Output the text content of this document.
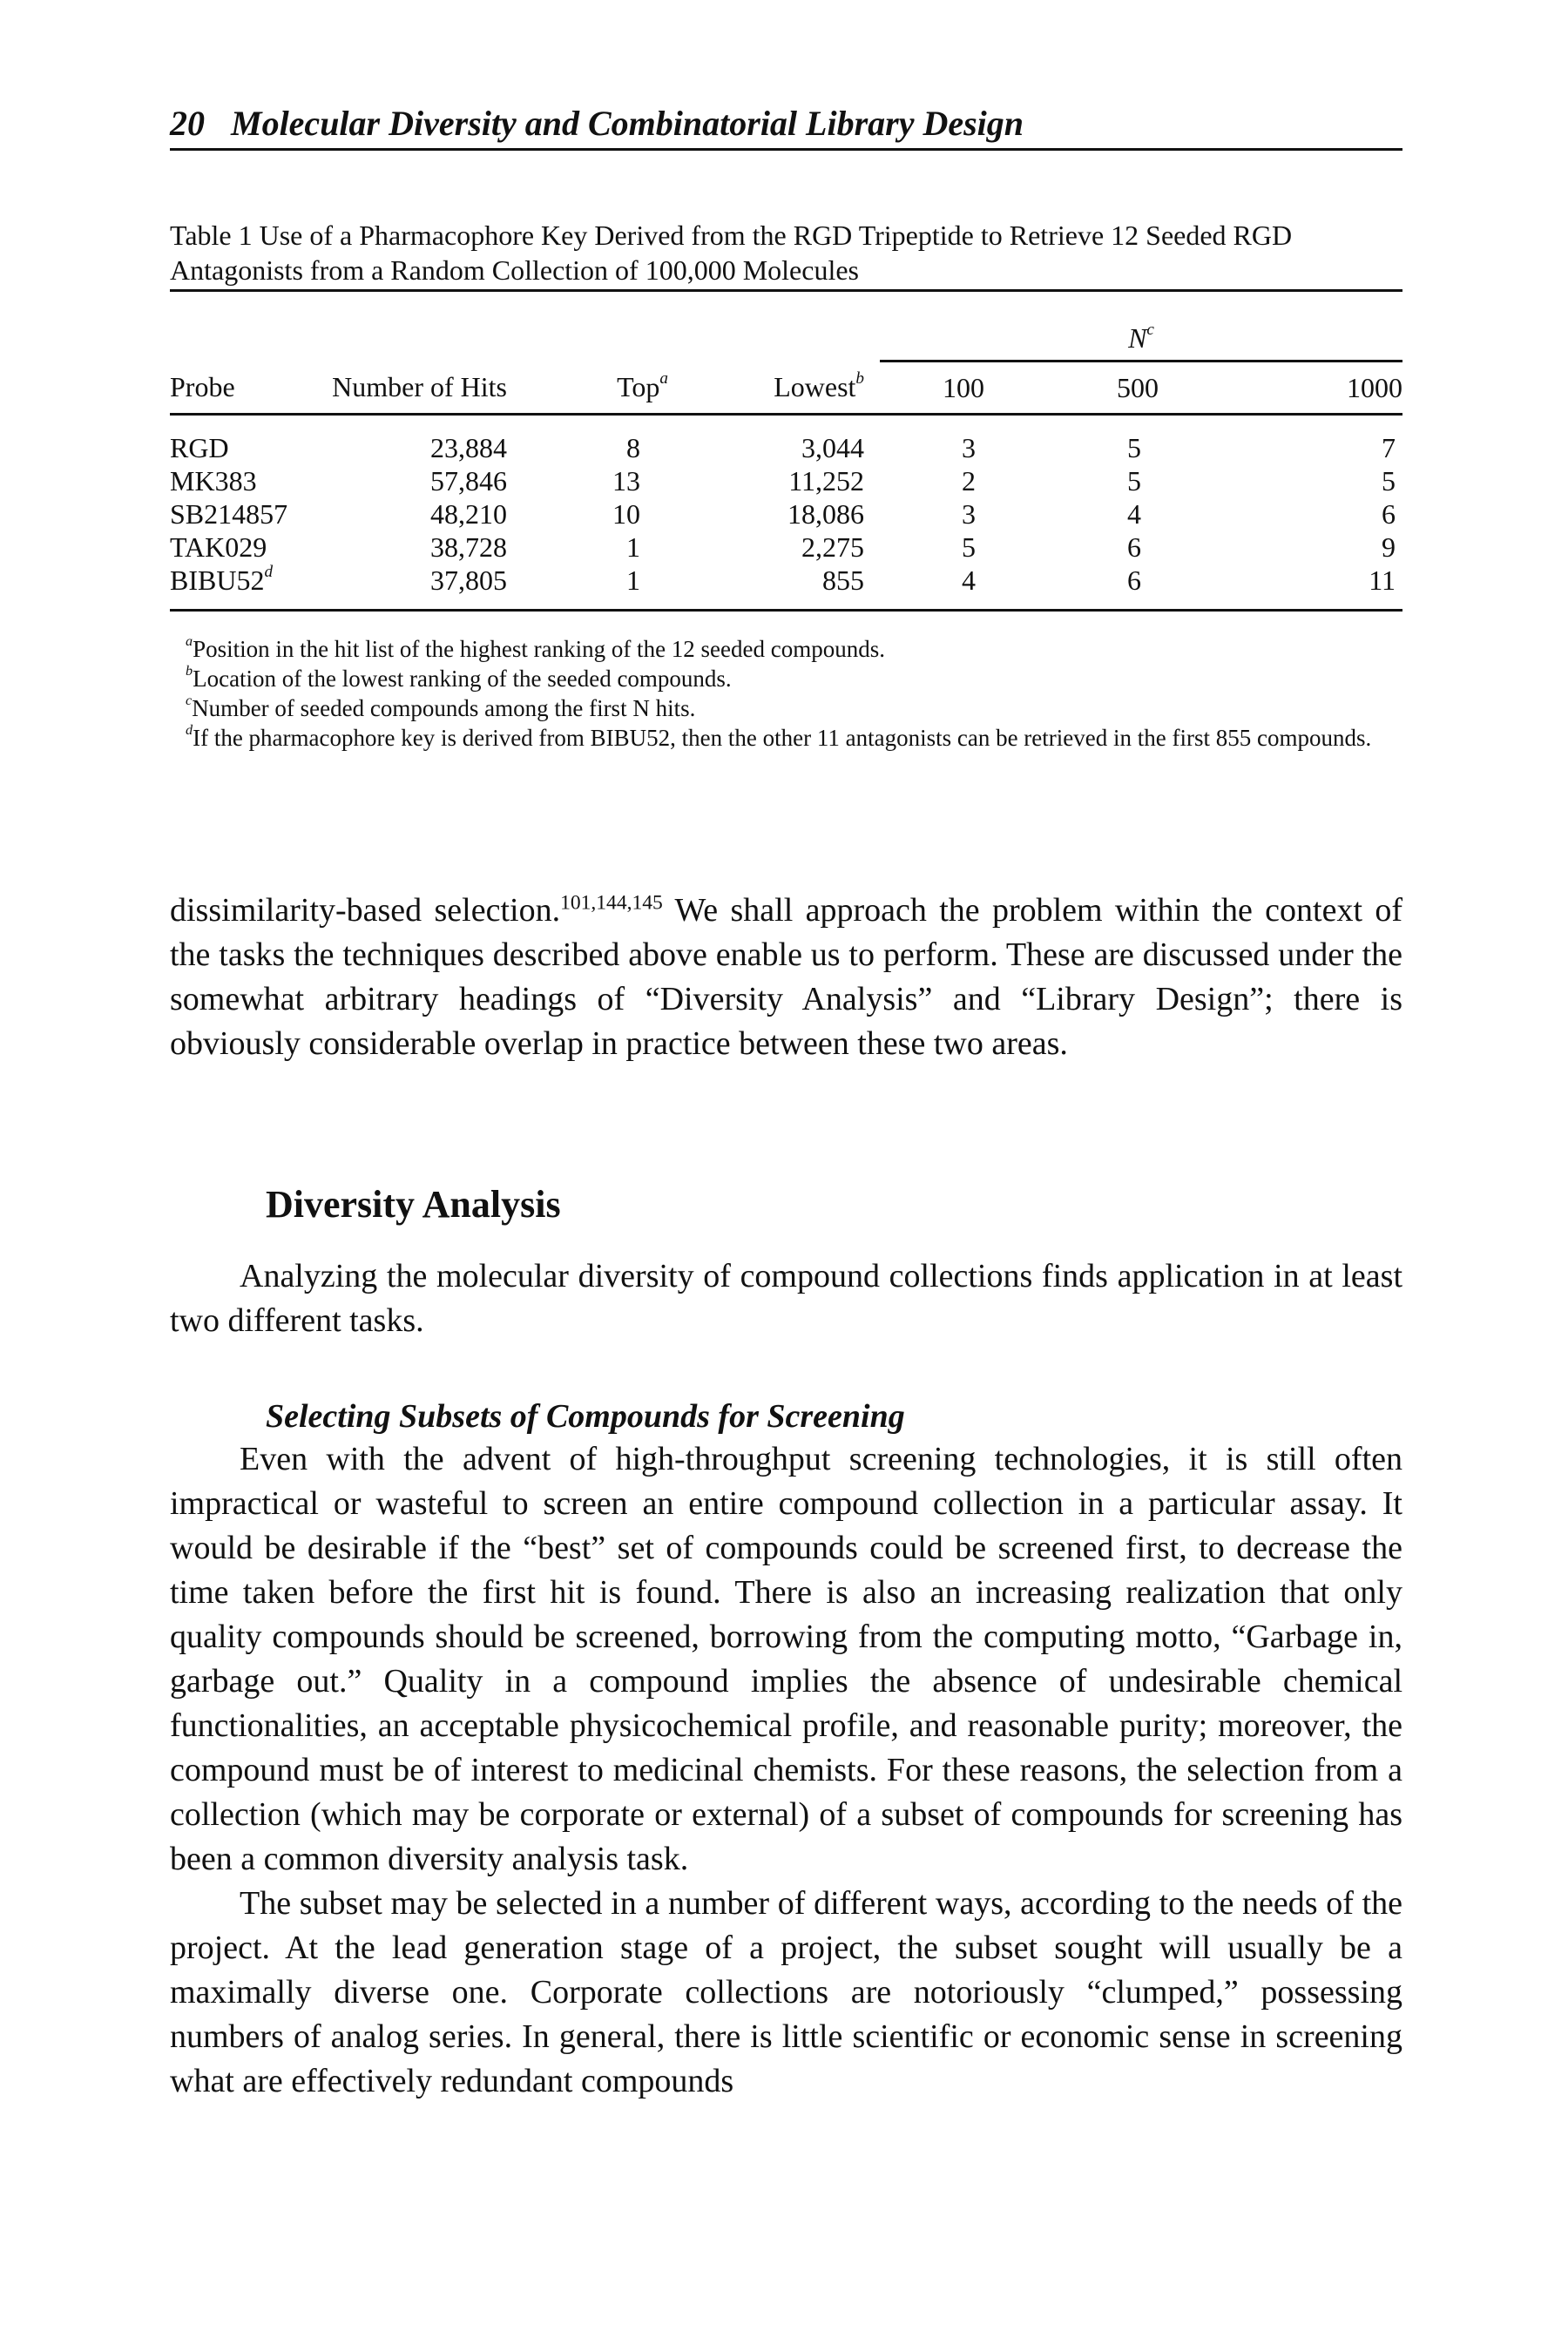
20 Molecular Diversity and Combinatorial Library Design
Table 1 Use of a Pharmacophore Key Derived from the RGD Tripeptide to Retrieve 12 Seeded RGD Antagonists from a Random Collection of 100,000 Molecules
				$N^c$
Probe	Number of Hits	Top$^a$	Lowest$^b$	100	500	1000

RGD	23,884	8	3,044	3	5	7
MK383	57,846	13	11,252	2	5	5
SB214857	48,210	10	18,086	3	4	6
TAK029	38,728	1	2,275	5	6	9
BIBU52$^d$	37,805	1	855	4	6	11

$^a$Position in the hit list of the highest ranking of the 12 seeded compounds.

$^b$Location of the lowest ranking of the seeded compounds.

$^c$Number of seeded compounds among the first N hits.

$^d$If the pharmacophore key is derived from BIBU52, then the other 11 antagonists can be retrieved in the first 855 compounds.

dissimilarity-based selection.$^{101,144,145}$ We shall approach the problem within the context of the tasks the techniques described above enable us to perform. These are discussed under the somewhat arbitrary headings of “Diversity Analysis” and “Library Design”; there is obviously considerable overlap in practice between these two areas.

Diversity Analysis

Analyzing the molecular diversity of compound collections finds application in at least two different tasks.

Selecting Subsets of Compounds for Screening

Even with the advent of high-throughput screening technologies, it is still often impractical or wasteful to screen an entire compound collection in a particular assay. It would be desirable if the “best” set of compounds could be screened first, to decrease the time taken before the first hit is found. There is also an increasing realization that only quality compounds should be screened, borrowing from the computing motto, “Garbage in, garbage out.” Quality in a compound implies the absence of undesirable chemical functionalities, an acceptable physicochemical profile, and reasonable purity; moreover, the compound must be of interest to medicinal chemists. For these reasons, the selection from a collection (which may be corporate or external) of a subset of compounds for screening has been a common diversity analysis task.

The subset may be selected in a number of different ways, according to the needs of the project. At the lead generation stage of a project, the subset sought will usually be a maximally diverse one. Corporate collections are notoriously “clumped,” possessing numbers of analog series. In general, there is little scientific or economic sense in screening what are effectively redundant compounds
